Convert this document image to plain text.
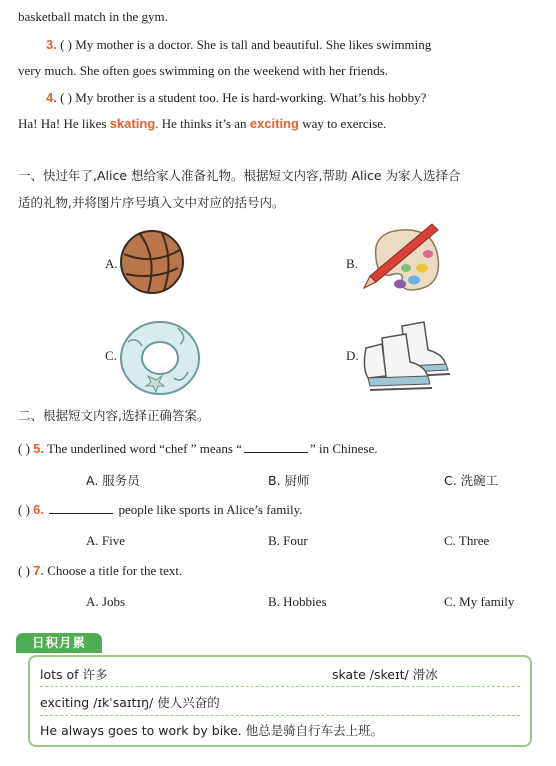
basketball match in the gym.
3. ( ) My mother is a doctor. She is tall and beautiful. She likes swimming
very much. She often goes swimming on the weekend with her friends.
4. ( ) My brother is a student too. He is hard-working. What’s his hobby?
Ha! Ha! He likes skating. He thinks it’s an exciting way to exercise.
一、快过年了,Alice 想给家人准备礼物。根据短文内容,帮助 Alice 为家人选择合
适的礼物,并将图片序号填入文中对应的括号内。
A.	B.
C.	D.
二、根据短文内容,选择正确答案。
( ) 5. The underlined word “chef ” means “	” in Chinese.
A. 服务员	B. 厨师	C. 洗碗工
( ) 6.	people like sports in Alice’s family.
A. Five	B. Four	C. Three
( ) 7. Choose a title for the text.
A. Jobs	B. Hobbies	C. My family
日积月累
lots of 许多	skate /skeɪt/ 滑冰
exciting /ɪkˈsaɪtɪŋ/ 使人兴奋的
He always goes to work by bike. 他总是骑自行车去上班。
